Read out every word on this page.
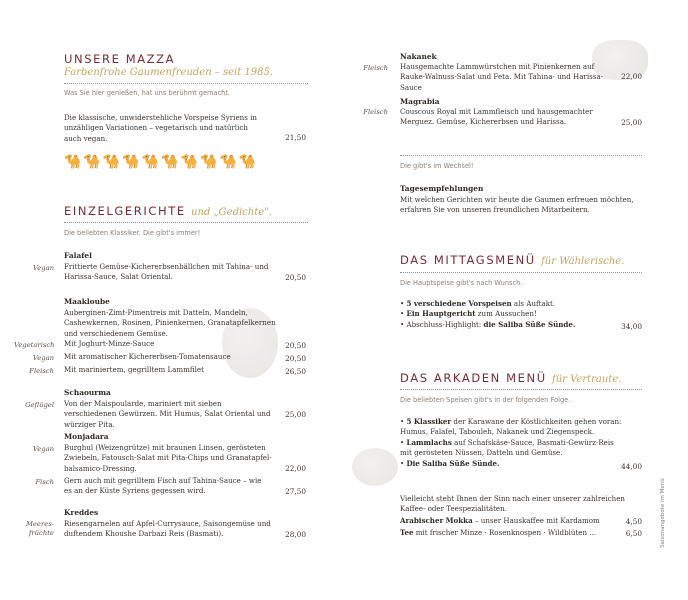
UNSERE MAZZA
Farbenfrohe Gaumenfreuden – seit 1985.
Was Sie hier genießen, hat uns berühmt gemacht.
Die klassische, unwiderstehliche Vorspeise Syriens in unzähligen Variationen – vegetarisch und natürlich auch vegan.	21,50
🐪🐪🐪🐪🐪🐪🐪🐪🐪🐪
EINZELGERICHTE und „Gedichte".
Die beliebten Klassiker. Die gibt's immer!
Falafel
Vegan Frittierte Gemüse-Kichererbsenbällchen mit Tahina- und Harissa-Sauce, Salat Oriental.	20,50
Maakloube
Auberginen-Zimt-Pimentreis mit Datteln, Mandeln, Cashewkernen, Rosinen, Pinienkernen, Granatapfelkernen und verschiedenem Gemüse.
Vegetarisch Mit Joghurt-Minze-Sauce	20,50
Vegan Mit aromatischer Kichererbsen-Tomatensauce	20,50
Fleisch Mit mariniertem, gegrilltem Lammfilet	26,50
Schaourma
Geflügel Von der Maispoularde, mariniert mit sieben verschiedenen Gewürzen. Mit Humus, Salat Oriental und würziger Pita.
25,00
Monjadara
Vegan Burghul (Weizengrütze) mit braunen Linsen, gerösteten Zwiebeln, Fatousch-Salat mit Pita-Chips und Granatapfel-balsamico-Dressing.	22,00
Fisch Gern auch mit gegrilltem Fisch auf Tahina-Sauce – wie es an der Küste Syriens gegessen wird.	27,50
Kreddes
Meeres-früchte
Riesengarnelen auf Apfel-Currysauce, Saisongemüse und duftendem Khoushe Darbazi Reis (Basmati).	28,00
Nakanek
Fleisch Hausgemachte Lammwürstchen mit Pinienkernen auf Rauke-Walnuss-Salat und Feta. Mit Tahina- und Harissa-Sauce
22,00
Magrabia
Fleisch Couscous Royal mit Lammfleisch und hausgemachter Merguez. Gemüse, Kichererbsen und Harissa.	25,00
Die gibt's im Wechsel!
Tagesempfehlungen
Mit welchen Gerichten wir heute die Gaumen erfreuen möchten, erfahren Sie von unseren freundlichen Mitarbeitern.
DAS MITTAGSMENÜ für Wählerische.
Die Hauptspeise gibt's nach Wunsch.
• 5 verschiedene Vorspeisen als Auftakt.
• Ein Hauptgericht zum Aussuchen!
• Abschluss-Highlight: die Saliba Süße Sünde.	34,00
DAS ARKADEN MENÜ für Vertraute.
Die beliebten Speisen gibt's in der folgenden Folge.
• 5 Klassiker der Karawane der Köstlichkeiten gehen voran: Humus, Falafel, Tabouleh, Nakanek und Ziegenspeck.
• Lammlachs auf Schafskäse-Sauce, Basmati-Gewürz-Reis mit gerösteten Nüssen, Datteln und Gemüse.
• Die Saliba Süße Sünde.	44,00
Vielleicht steht Ihnen der Sinn nach einer unserer zahlreichen Kaffee- oder Teespezialitäten.
Arabischer Mokka – unser Hauskaffee mit Kardamom	4,50
Tee mit frischer Minze · Rosenknospen · Wildblüten ...	6,50	Saisonangebote im Menü
